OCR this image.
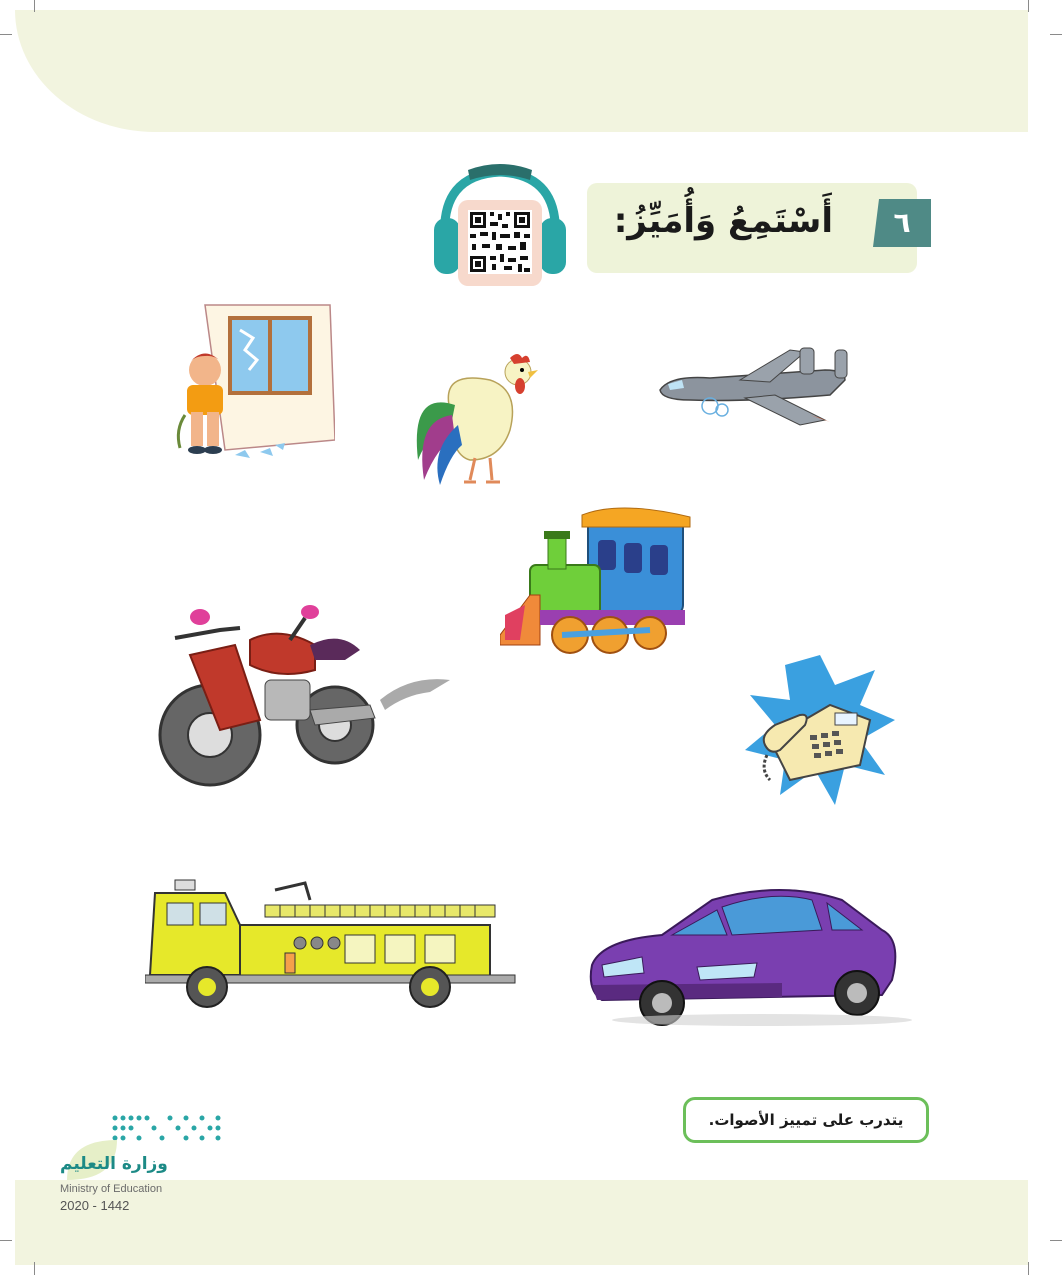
أَسْتَمِعُ وَأُمَيِّزُ:	٦
يتدرب على تمييز الأصوات.
وزارة التعليم
Ministry of Education
2020 - 1442
